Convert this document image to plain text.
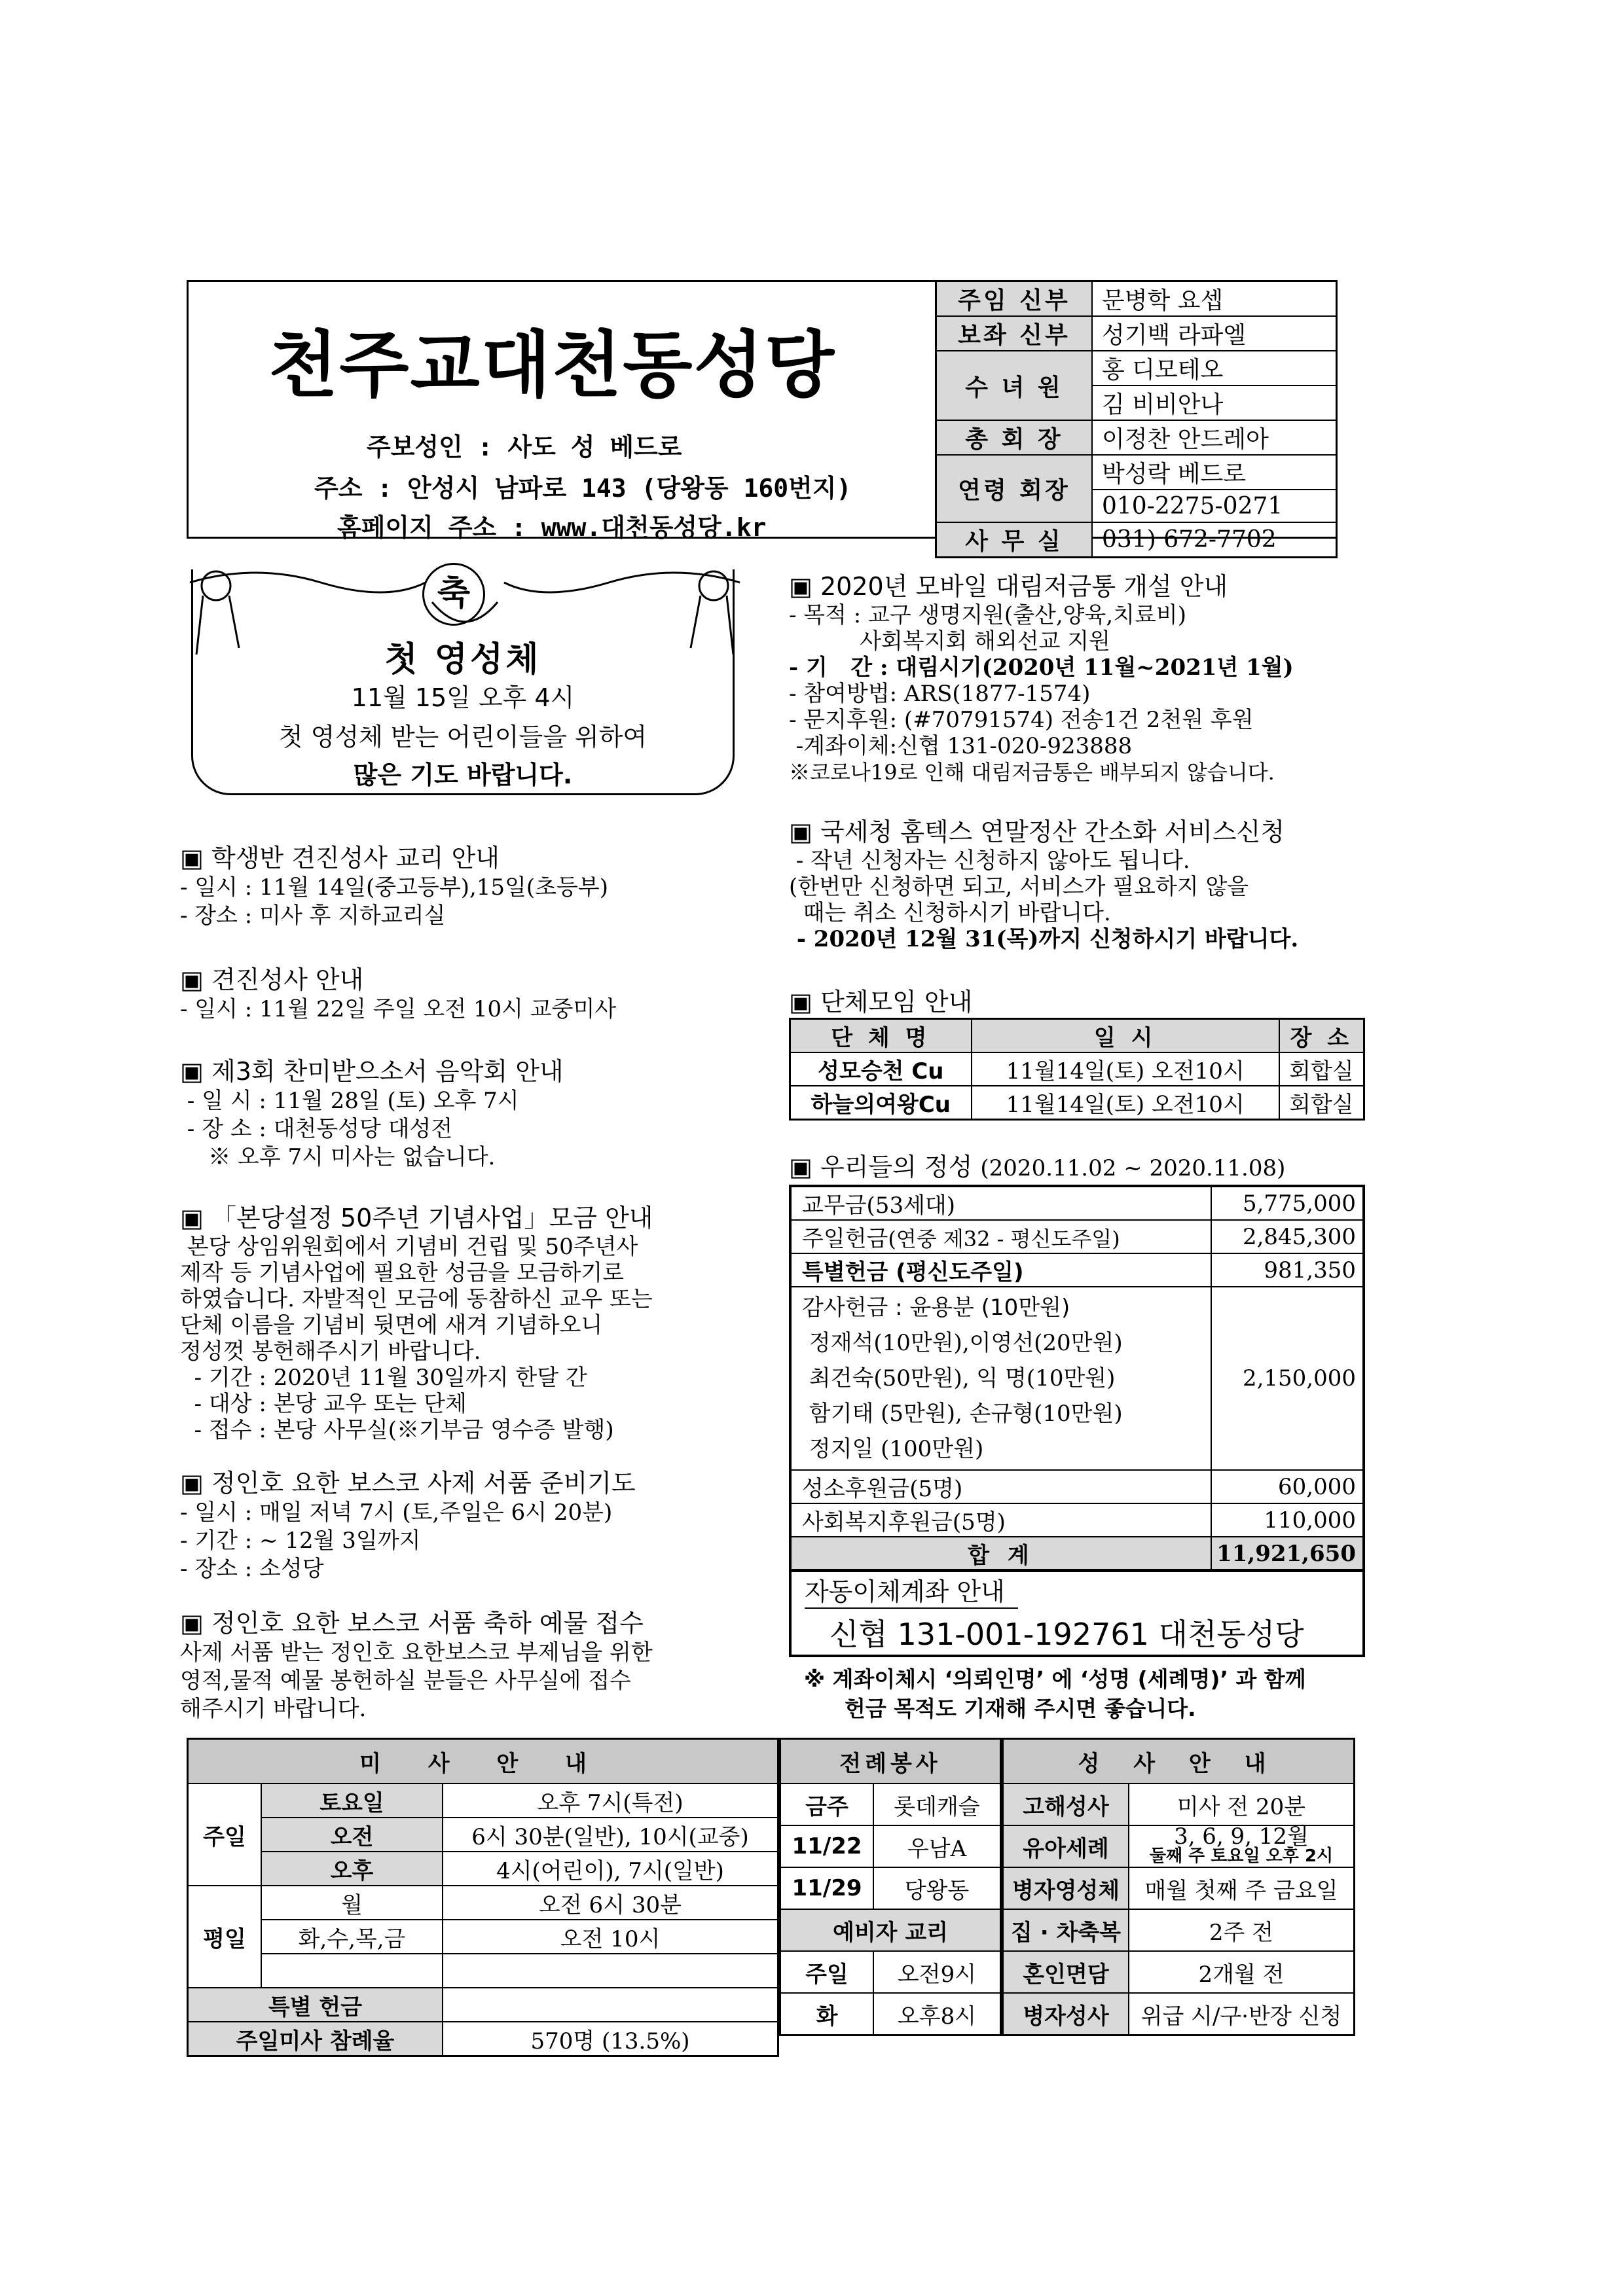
천주교대천동성당
주보성인 : 사도 성 베드로
주소 : 안성시 남파로 143 (당왕동 160번지)
홈페이지 주소 : www.대천동성당.kr
주임 신부	문병학 요셉
보좌 신부	성기백 라파엘
수 녀 원	홍 디모테오
	김 비비안나
총 회 장	이정찬 안드레아
연령 회장	박성락 베드로
	010-2275-0271
사 무 실	031) 672-7702
축
첫 영성체
11월 15일 오후 4시
첫 영성체 받는 어린이들을 위하여
많은 기도 바랍니다.
▣ 학생반 견진성사 교리 안내
- 일시 : 11월 14일(중고등부),15일(초등부)
- 장소 : 미사 후 지하교리실
▣ 견진성사 안내
- 일시 : 11월 22일 주일 오전 10시 교중미사
▣ 제3회 찬미받으소서 음악회 안내
- 일 시 : 11월 28일 (토) 오후 7시
- 장 소 : 대천동성당 대성전
※ 오후 7시 미사는 없습니다.
▣ 「본당설정 50주년 기념사업」모금 안내
본당 상임위원회에서 기념비 건립 및 50주년사
제작 등 기념사업에 필요한 성금을 모금하기로
하였습니다. 자발적인 모금에 동참하신 교우 또는
단체 이름을 기념비 뒷면에 새겨 기념하오니
정성껏 봉헌해주시기 바랍니다.
- 기간 : 2020년 11월 30일까지 한달 간
- 대상 : 본당 교우 또는 단체
- 접수 : 본당 사무실(※기부금 영수증 발행)
▣ 정인호 요한 보스코 사제 서품 준비기도
- 일시 : 매일 저녁 7시 (토,주일은 6시 20분)
- 기간 : ~ 12월 3일까지
- 장소 : 소성당
▣ 정인호 요한 보스코 서품 축하 예물 접수
사제 서품 받는 정인호 요한보스코 부제님을 위한
영적,물적 예물 봉헌하실 분들은 사무실에 접수
해주시기 바랍니다.
▣ 2020년 모바일 대림저금통 개설 안내
- 목적 : 교구 생명지원(출산,양육,치료비)
사회복지회 해외선교 지원
- 기   간 : 대림시기(2020년 11월~2021년 1월)
- 참여방법: ARS(1877-1574)
- 문지후원: (#70791574) 전송1건 2천원 후원
-계좌이체:신협 131-020-923888
※코로나19로 인해 대림저금통은 배부되지 않습니다.
▣ 국세청 홈텍스 연말정산 간소화 서비스신청
- 작년 신청자는 신청하지 않아도 됩니다.
(한번만 신청하면 되고, 서비스가 필요하지 않을
때는 취소 신청하시기 바랍니다.
- 2020년 12월 31(목)까지 신청하시기 바랍니다.
▣ 단체모임 안내
단 체 명	일 시	장 소
성모승천 Cu	11월14일(토) 오전10시	회합실
하늘의여왕Cu	11월14일(토) 오전10시	회합실
▣ 우리들의 정성 (2020.11.02 ~ 2020.11.08)
교무금(53세대)	5,775,000
주일헌금(연중 제32 - 평신도주일)	2,845,300
특별헌금 (평신도주일)	981,350

감사헌금 : 윤용분 (10만원)
정재석(10만원),이영선(20만원)
최건숙(50만원), 익 명(10만원)
함기태 (5만원), 손규형(10만원)
정지일 (100만원)	2,150,000
성소후원금(5명)	60,000
사회복지후원금(5명)	110,000
합 계	11,921,650
자동이체계좌 안내
신협 131-001-192761 대천동성당
※ 계좌이체시 ‘의뢰인명’ 에 ‘성명 (세례명)’ 과 함께
헌금 목적도 기재해 주시면 좋습니다.
미 사 안 내		
주일	토요일	오후 7시(특전)
	오전	6시 30분(일반), 10시(교중)
	오후	4시(어린이), 7시(일반)
평일	월	오전 6시 30분
	화,수,목,금	오전 10시

특별 헌금		
주일미사 참례율		570명 (13.5%)
전례봉사	
금주	롯데캐슬
11/22	우남A
11/29	당왕동
예비자 교리	
주일	오전9시
화	오후8시
성 사 안 내	
고해성사	미사 전 20분
유아세례	3, 6, 9, 12월
둘째 주 토요일 오후 2시

병자영성체	매월 첫째 주 금요일
집 · 차축복	2주 전
혼인면담	2개월 전
병자성사	위급 시/구·반장 신청
